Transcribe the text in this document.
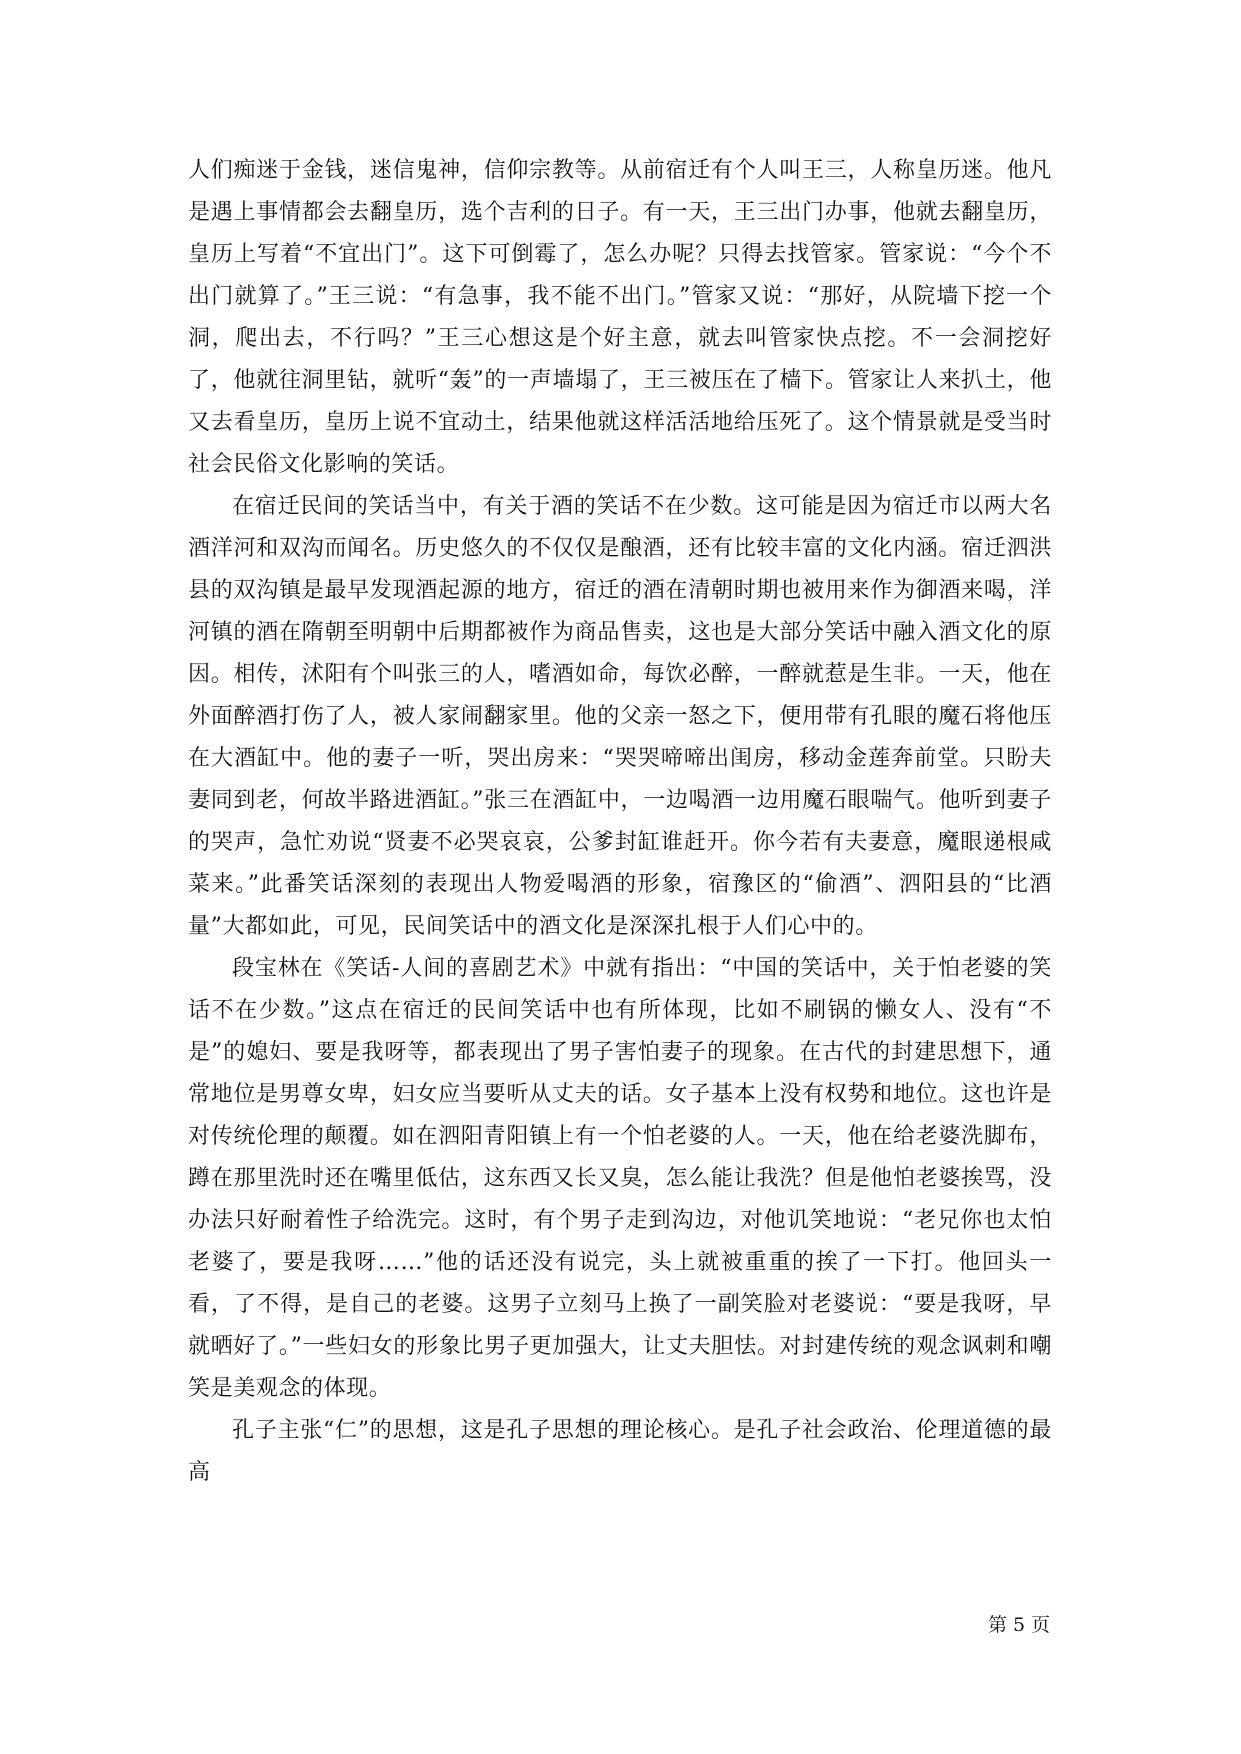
人们痴迷于金钱，迷信鬼神，信仰宗教等。从前宿迁有个人叫王三，人称皇历迷。他凡是遇上事情都会去翻皇历，选个吉利的日子。有一天，王三出门办事，他就去翻皇历，皇历上写着“不宜出门”。这下可倒霉了，怎么办呢？只得去找管家。管家说：“今个不出门就算了。”王三说：“有急事，我不能不出门。”管家又说：“那好，从院墙下挖一个洞，爬出去，不行吗？”王三心想这是个好主意，就去叫管家快点挖。不一会洞挖好了，他就往洞里钻，就听“轰”的一声墙塌了，王三被压在了樯下。管家让人来扒土，他又去看皇历，皇历上说不宜动土，结果他就这样活活地给压死了。这个情景就是受当时社会民俗文化影响的笑话。

在宿迁民间的笑话当中，有关于酒的笑话不在少数。这可能是因为宿迁市以两大名酒洋河和双沟而闻名。历史悠久的不仅仅是酿酒，还有比较丰富的文化内涵。宿迁泗洪县的双沟镇是最早发现酒起源的地方，宿迁的酒在清朝时期也被用来作为御酒来喝，洋河镇的酒在隋朝至明朝中后期都被作为商品售卖，这也是大部分笑话中融入酒文化的原因。相传，沭阳有个叫张三的人，嗜酒如命，每饮必醉，一醉就惹是生非。一天，他在外面醉酒打伤了人，被人家闹翻家里。他的父亲一怒之下，便用带有孔眼的魔石将他压在大酒缸中。他的妻子一听，哭出房来：“哭哭啼啼出闺房，移动金莲奔前堂。只盼夫妻同到老，何故半路进酒缸。”张三在酒缸中，一边喝酒一边用魔石眼喘气。他听到妻子的哭声，急忙劝说“贤妻不必哭哀哀，公爹封缸谁赶开。你今若有夫妻意，魔眼递根咸菜来。”此番笑话深刻的表现出人物爱喝酒的形象，宿豫区的“偷酒”、泗阳县的“比酒量”大都如此，可见，民间笑话中的酒文化是深深扎根于人们心中的。

段宝林在《笑话-人间的喜剧艺术》中就有指出：“中国的笑话中，关于怕老婆的笑话不在少数。”这点在宿迁的民间笑话中也有所体现，比如不刷锅的懒女人、没有“不是”的媳妇、要是我呀等，都表现出了男子害怕妻子的现象。在古代的封建思想下，通常地位是男尊女卑，妇女应当要听从丈夫的话。女子基本上没有权势和地位。这也许是对传统伦理的颠覆。如在泗阳青阳镇上有一个怕老婆的人。一天，他在给老婆洗脚布，蹲在那里洗时还在嘴里低估，这东西又长又臭，怎么能让我洗？但是他怕老婆挨骂，没办法只好耐着性子给洗完。这时，有个男子走到沟边，对他讥笑地说：“老兄你也太怕老婆了，要是我呀……”他的话还没有说完，头上就被重重的挨了一下打。他回头一看，了不得，是自己的老婆。这男子立刻马上换了一副笑脸对老婆说：“要是我呀，早就晒好了。”一些妇女的形象比男子更加强大，让丈夫胆怯。对封建传统的观念讽刺和嘲笑是美观念的体现。

孔子主张“仁”的思想，这是孔子思想的理论核心。是孔子社会政治、伦理道德的最高

第 5 页
